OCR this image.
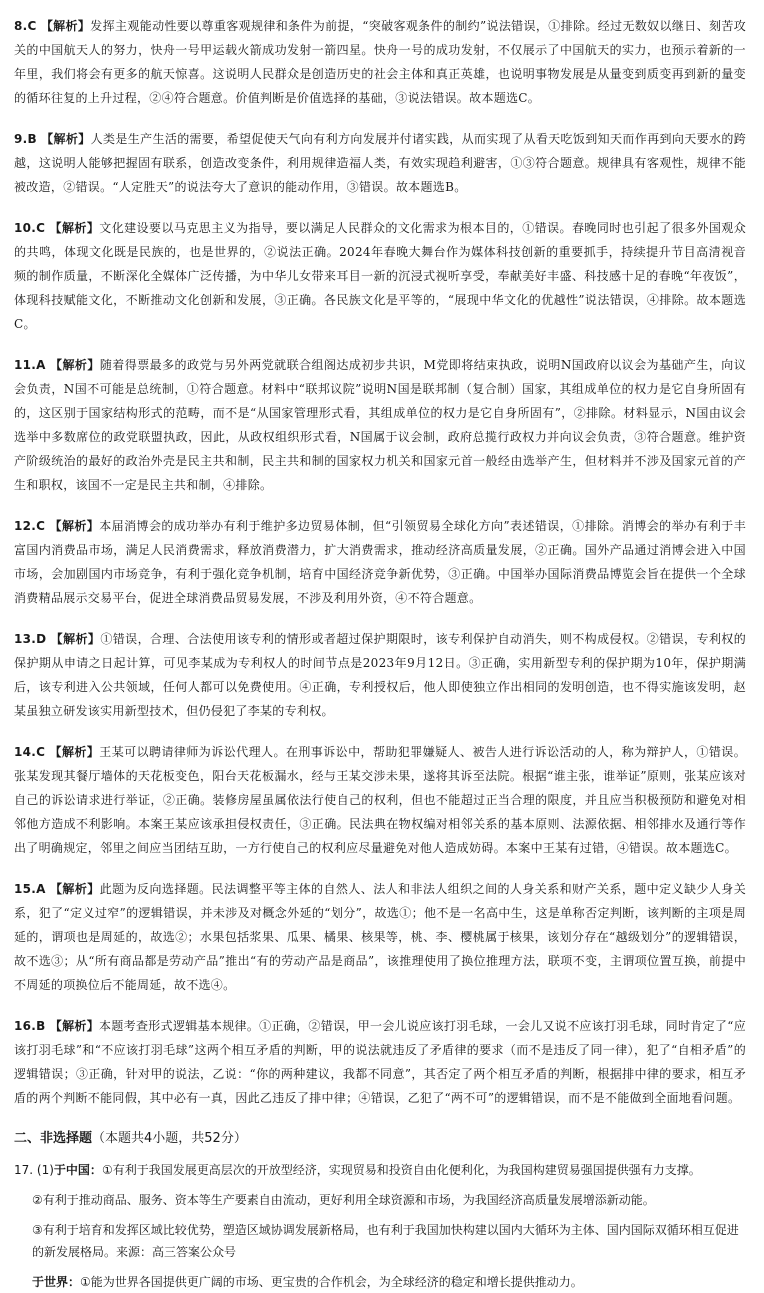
8.C 【解析】发挥主观能动性要以尊重客观规律和条件为前提，“突破客观条件的制约”说法错误，①排除。经过无数奴以继日、刻苦攻关的中国航天人的努力，快舟一号甲运载火箭成功发射一箭四星。快舟一号的成功发射，不仅展示了中国航天的实力，也预示着新的一年里，我们将会有更多的航天惊喜。这说明人民群众是创造历史的社会主体和真正英雄，也说明事物发展是从量变到质变再到新的量变的循环往复的上升过程，②④符合题意。价值判断是价值选择的基础，③说法错误。故本题选C。

9.B 【解析】人类是生产生活的需要，希望促使天气向有利方向发展并付诸实践，从而实现了从看天吃饭到知天而作再到向天要水的跨越，这说明人能够把握固有联系，创造改变条件，利用规律造福人类，有效实现趋利避害，①③符合题意。规律具有客观性，规律不能被改造，②错误。“人定胜天”的说法夸大了意识的能动作用，③错误。故本题选B。

10.C 【解析】文化建设要以马克思主义为指导，要以满足人民群众的文化需求为根本目的，①错误。春晚同时也引起了很多外国观众的共鸣，体现文化既是民族的，也是世界的，②说法正确。2024年春晚大舞台作为媒体科技创新的重要抓手，持续提升节目高清视音频的制作质量，不断深化全媒体广泛传播，为中华儿女带来耳目一新的沉浸式视听享受，奉献美好丰盛、科技感十足的春晚“年夜饭”，体现科技赋能文化，不断推动文化创新和发展，③正确。各民族文化是平等的，“展现中华文化的优越性”说法错误，④排除。故本题选C。

11.A 【解析】随着得票最多的政党与另外两党就联合组阁达成初步共识，M党即将结束执政，说明N国政府以议会为基础产生，向议会负责，N国不可能是总统制，①符合题意。材料中“联邦议院”说明N国是联邦制（复合制）国家，其组成单位的权力是它自身所固有的，这区别于国家结构形式的范畴，而不是“从国家管理形式看，其组成单位的权力是它自身所固有”，②排除。材料显示，N国由议会选举中多数席位的政党联盟执政，因此，从政权组织形式看，N国属于议会制，政府总揽行政权力并向议会负责，③符合题意。维护资产阶级统治的最好的政治外壳是民主共和制，民主共和制的国家权力机关和国家元首一般经由选举产生，但材料并不涉及国家元首的产生和职权，该国不一定是民主共和制，④排除。

12.C 【解析】本届消博会的成功举办有利于维护多边贸易体制，但“引领贸易全球化方向”表述错误，①排除。消博会的举办有利于丰富国内消费品市场，满足人民消费需求，释放消费潜力，扩大消费需求，推动经济高质量发展，②正确。国外产品通过消博会进入中国市场，会加剧国内市场竞争，有利于强化竞争机制，培育中国经济竞争新优势，③正确。中国举办国际消费品博览会旨在提供一个全球消费精品展示交易平台，促进全球消费品贸易发展，不涉及利用外资，④不符合题意。

13.D 【解析】①错误，合理、合法使用该专利的情形或者超过保护期限时，该专利保护自动消失，则不构成侵权。②错误，专利权的保护期从申请之日起计算，可见李某成为专利权人的时间节点是2023年9月12日。③正确，实用新型专利的保护期为10年，保护期满后，该专利进入公共领域，任何人都可以免费使用。④正确，专利授权后，他人即使独立作出相同的发明创造，也不得实施该发明，赵某虽独立研发该实用新型技术，但仍侵犯了李某的专利权。

14.C 【解析】王某可以聘请律师为诉讼代理人。在刑事诉讼中，帮助犯罪嫌疑人、被告人进行诉讼活动的人，称为辩护人，①错误。张某发现其餐厅墙体的天花板变色，阳台天花板漏水，经与王某交涉未果，遂将其诉至法院。根据“谁主张，谁举证”原则，张某应该对自己的诉讼请求进行举证，②正确。装修房屋虽属依法行使自己的权利，但也不能超过正当合理的限度，并且应当积极预防和避免对相邻他方造成不利影响。本案王某应该承担侵权责任，③正确。民法典在物权编对相邻关系的基本原则、法源依据、相邻排水及通行等作出了明确规定，邻里之间应当团结互助，一方行使自己的权利应尽量避免对他人造成妨碍。本案中王某有过错，④错误。故本题选C。

15.A 【解析】此题为反向选择题。民法调整平等主体的自然人、法人和非法人组织之间的人身关系和财产关系，题中定义缺少人身关系，犯了“定义过窄”的逻辑错误，并未涉及对概念外延的“划分”，故选①；他不是一名高中生，这是单称否定判断，该判断的主项是周延的，谓项也是周延的，故选②；水果包括浆果、瓜果、橘果、核果等，桃、李、樱桃属于核果，该划分存在“越级划分”的逻辑错误，故不选③；从“所有商品都是劳动产品”推出“有的劳动产品是商品”，该推理使用了换位推理方法，联项不变，主谓项位置互换，前提中不周延的项换位后不能周延，故不选④。

16.B 【解析】本题考查形式逻辑基本规律。①正确，②错误，甲一会儿说应该打羽毛球，一会儿又说不应该打羽毛球，同时肯定了“应该打羽毛球”和“不应该打羽毛球”这两个相互矛盾的判断，甲的说法就违反了矛盾律的要求（而不是违反了同一律），犯了“自相矛盾”的逻辑错误；③正确，针对甲的说法，乙说：“你的两种建议，我都不同意”，其否定了两个相互矛盾的判断，根据排中律的要求，相互矛盾的两个判断不能同假，其中必有一真，因此乙违反了排中律；④错误，乙犯了“两不可”的逻辑错误，而不是不能做到全面地看问题。

二、非选择题（本题共4小题，共52分）

17. (1)于中国：①有利于我国发展更高层次的开放型经济，实现贸易和投资自由化便利化，为我国构建贸易强国提供强有力支撑。

②有利于推动商品、服务、资本等生产要素自由流动，更好利用全球资源和市场，为我国经济高质量发展增添新动能。

③有利于培育和发挥区域比较优势，塑造区域协调发展新格局，也有利于我国加快构建以国内大循环为主体、国内国际双循环相互促进的新发展格局。来源：高三答案公众号

于世界：①能为世界各国提供更广阔的市场、更宝贵的合作机会，为全球经济的稳定和增长提供推动力。
